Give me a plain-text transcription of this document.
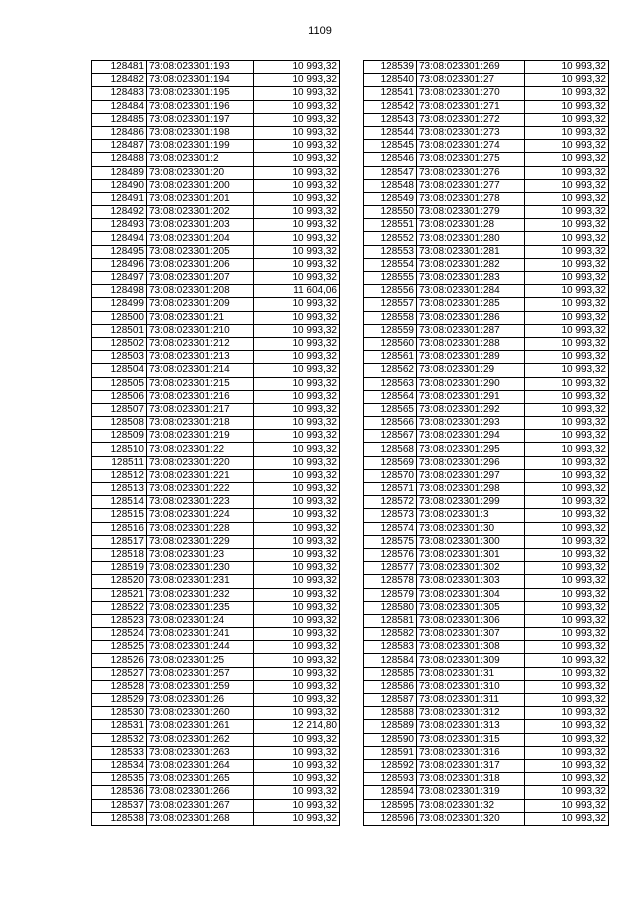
1109
128481	73:08:023301:193	10 993,32
128482	73:08:023301:194	10 993,32
128483	73:08:023301:195	10 993,32
128484	73:08:023301:196	10 993,32
128485	73:08:023301:197	10 993,32
128486	73:08:023301:198	10 993,32
128487	73:08:023301:199	10 993,32
128488	73:08:023301:2	10 993,32
128489	73:08:023301:20	10 993,32
128490	73:08:023301:200	10 993,32
128491	73:08:023301:201	10 993,32
128492	73:08:023301:202	10 993,32
128493	73:08:023301:203	10 993,32
128494	73:08:023301:204	10 993,32
128495	73:08:023301:205	10 993,32
128496	73:08:023301:206	10 993,32
128497	73:08:023301:207	10 993,32
128498	73:08:023301:208	11 604,06
128499	73:08:023301:209	10 993,32
128500	73:08:023301:21	10 993,32
128501	73:08:023301:210	10 993,32
128502	73:08:023301:212	10 993,32
128503	73:08:023301:213	10 993,32
128504	73:08:023301:214	10 993,32
128505	73:08:023301:215	10 993,32
128506	73:08:023301:216	10 993,32
128507	73:08:023301:217	10 993,32
128508	73:08:023301:218	10 993,32
128509	73:08:023301:219	10 993,32
128510	73:08:023301:22	10 993,32
128511	73:08:023301:220	10 993,32
128512	73:08:023301:221	10 993,32
128513	73:08:023301:222	10 993,32
128514	73:08:023301:223	10 993,32
128515	73:08:023301:224	10 993,32
128516	73:08:023301:228	10 993,32
128517	73:08:023301:229	10 993,32
128518	73:08:023301:23	10 993,32
128519	73:08:023301:230	10 993,32
128520	73:08:023301:231	10 993,32
128521	73:08:023301:232	10 993,32
128522	73:08:023301:235	10 993,32
128523	73:08:023301:24	10 993,32
128524	73:08:023301:241	10 993,32
128525	73:08:023301:244	10 993,32
128526	73:08:023301:25	10 993,32
128527	73:08:023301:257	10 993,32
128528	73:08:023301:259	10 993,32
128529	73:08:023301:26	10 993,32
128530	73:08:023301:260	10 993,32
128531	73:08:023301:261	12 214,80
128532	73:08:023301:262	10 993,32
128533	73:08:023301:263	10 993,32
128534	73:08:023301:264	10 993,32
128535	73:08:023301:265	10 993,32
128536	73:08:023301:266	10 993,32
128537	73:08:023301:267	10 993,32
128538	73:08:023301:268	10 993,32
128539	73:08:023301:269	10 993,32
128540	73:08:023301:27	10 993,32
128541	73:08:023301:270	10 993,32
128542	73:08:023301:271	10 993,32
128543	73:08:023301:272	10 993,32
128544	73:08:023301:273	10 993,32
128545	73:08:023301:274	10 993,32
128546	73:08:023301:275	10 993,32
128547	73:08:023301:276	10 993,32
128548	73:08:023301:277	10 993,32
128549	73:08:023301:278	10 993,32
128550	73:08:023301:279	10 993,32
128551	73:08:023301:28	10 993,32
128552	73:08:023301:280	10 993,32
128553	73:08:023301:281	10 993,32
128554	73:08:023301:282	10 993,32
128555	73:08:023301:283	10 993,32
128556	73:08:023301:284	10 993,32
128557	73:08:023301:285	10 993,32
128558	73:08:023301:286	10 993,32
128559	73:08:023301:287	10 993,32
128560	73:08:023301:288	10 993,32
128561	73:08:023301:289	10 993,32
128562	73:08:023301:29	10 993,32
128563	73:08:023301:290	10 993,32
128564	73:08:023301:291	10 993,32
128565	73:08:023301:292	10 993,32
128566	73:08:023301:293	10 993,32
128567	73:08:023301:294	10 993,32
128568	73:08:023301:295	10 993,32
128569	73:08:023301:296	10 993,32
128570	73:08:023301:297	10 993,32
128571	73:08:023301:298	10 993,32
128572	73:08:023301:299	10 993,32
128573	73:08:023301:3	10 993,32
128574	73:08:023301:30	10 993,32
128575	73:08:023301:300	10 993,32
128576	73:08:023301:301	10 993,32
128577	73:08:023301:302	10 993,32
128578	73:08:023301:303	10 993,32
128579	73:08:023301:304	10 993,32
128580	73:08:023301:305	10 993,32
128581	73:08:023301:306	10 993,32
128582	73:08:023301:307	10 993,32
128583	73:08:023301:308	10 993,32
128584	73:08:023301:309	10 993,32
128585	73:08:023301:31	10 993,32
128586	73:08:023301:310	10 993,32
128587	73:08:023301:311	10 993,32
128588	73:08:023301:312	10 993,32
128589	73:08:023301:313	10 993,32
128590	73:08:023301:315	10 993,32
128591	73:08:023301:316	10 993,32
128592	73:08:023301:317	10 993,32
128593	73:08:023301:318	10 993,32
128594	73:08:023301:319	10 993,32
128595	73:08:023301:32	10 993,32
128596	73:08:023301:320	10 993,32
